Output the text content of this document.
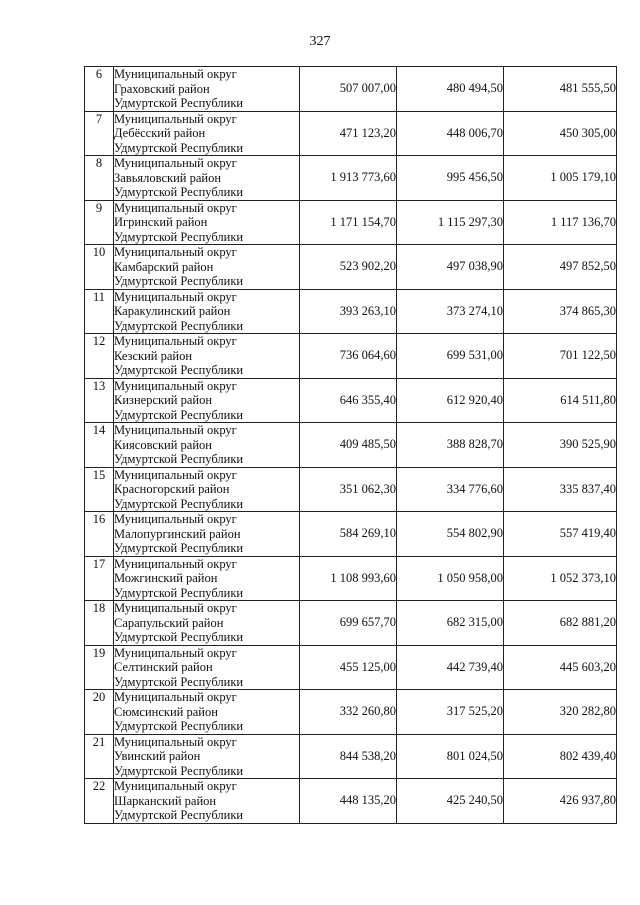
327
6	Муниципальный округ
Граховский район
Удмуртской Республики	507 007,00	480 494,50	481 555,50
7	Муниципальный округ
Дебёсский район
Удмуртской Республики	471 123,20	448 006,70	450 305,00
8	Муниципальный округ
Завьяловский район
Удмуртской Республики	1 913 773,60	995 456,50	1 005 179,10
9	Муниципальный округ
Игринский район
Удмуртской Республики	1 171 154,70	1 115 297,30	1 117 136,70
10	Муниципальный округ
Камбарский район
Удмуртской Республики	523 902,20	497 038,90	497 852,50
11	Муниципальный округ
Каракулинский район
Удмуртской Республики	393 263,10	373 274,10	374 865,30
12	Муниципальный округ
Кезский район
Удмуртской Республики	736 064,60	699 531,00	701 122,50
13	Муниципальный округ
Кизнерский район
Удмуртской Республики	646 355,40	612 920,40	614 511,80
14	Муниципальный округ
Киясовский район
Удмуртской Республики	409 485,50	388 828,70	390 525,90
15	Муниципальный округ
Красногорский район
Удмуртской Республики	351 062,30	334 776,60	335 837,40
16	Муниципальный округ
Малопургинский район
Удмуртской Республики	584 269,10	554 802,90	557 419,40
17	Муниципальный округ
Можгинский район
Удмуртской Республики	1 108 993,60	1 050 958,00	1 052 373,10
18	Муниципальный округ
Сарапульский район
Удмуртской Республики	699 657,70	682 315,00	682 881,20
19	Муниципальный округ
Селтинский район
Удмуртской Республики	455 125,00	442 739,40	445 603,20
20	Муниципальный округ
Сюмсинский район
Удмуртской Республики	332 260,80	317 525,20	320 282,80
21	Муниципальный округ
Увинский район
Удмуртской Республики	844 538,20	801 024,50	802 439,40
22	Муниципальный округ
Шарканский район
Удмуртской Республики	448 135,20	425 240,50	426 937,80
